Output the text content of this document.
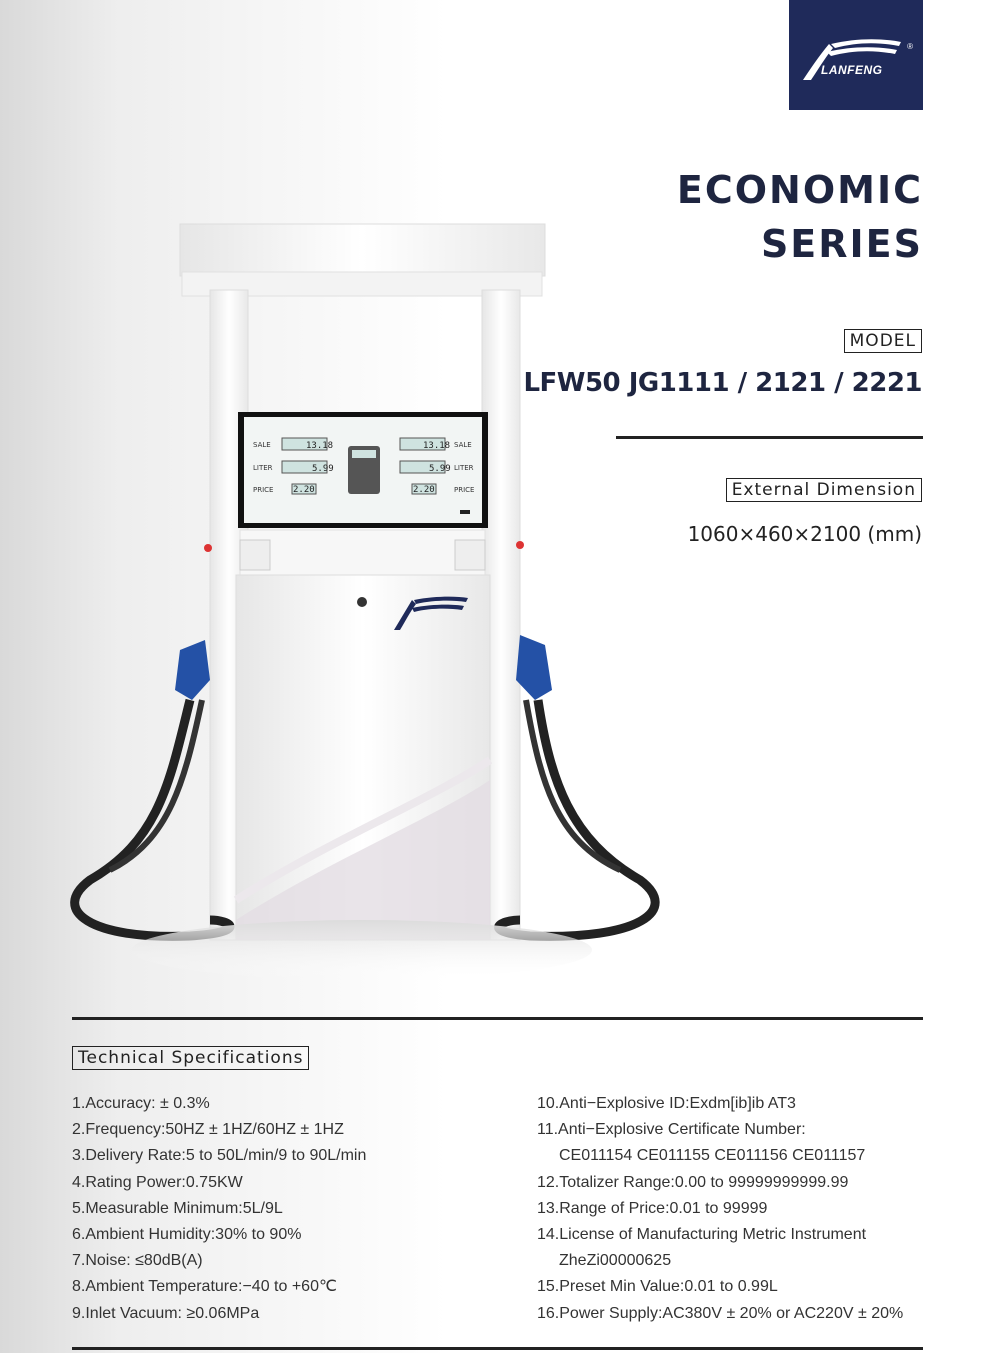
LANFENG
®
ECONOMIC
SERIES
MODEL
LFW50 JG1111 / 2121 / 2221
External Dimension
1060×460×2100 (mm)
SALE
LITER
PRICE
SALE
LITER
PRICE
13.18
5.99
2.20
13.18
5.99
2.20
Technical Specifications
1.Accuracy: ± 0.3%
2.Frequency:50HZ ± 1HZ/60HZ ± 1HZ
3.Delivery Rate:5 to 50L/min/9 to 90L/min
4.Rating Power:0.75KW
5.Measurable Minimum:5L/9L
6.Ambient Humidity:30% to 90%
7.Noise: ≤80dB(A)
8.Ambient Temperature:−40 to +60℃
9.Inlet Vacuum: ≥0.06MPa
10.Anti−Explosive ID:Exdm[ib]ib AT3
11.Anti−Explosive Certificate Number:
CE011154 CE011155 CE011156 CE011157
12.Totalizer Range:0.00 to 99999999999.99
13.Range of Price:0.01 to 99999
14.License of Manufacturing Metric Instrument
ZheZi00000625
15.Preset Min Value:0.01 to 0.99L
16.Power Supply:AC380V ± 20% or AC220V ± 20%
